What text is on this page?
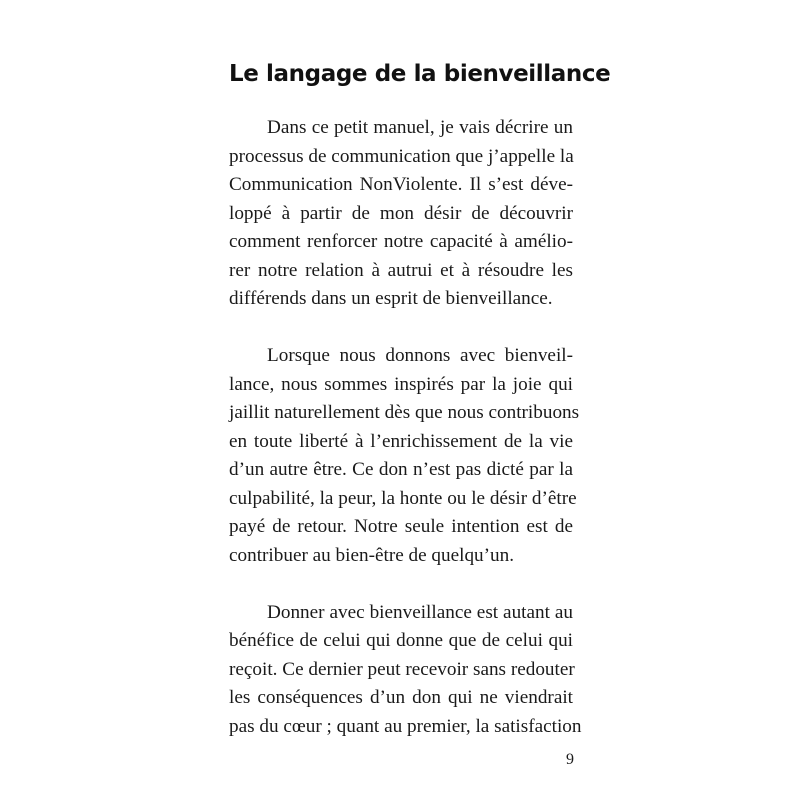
Le langage de la bienveillance
Dans ce petit manuel, je vais décrire un
processus de communication que j’appelle la
Communication NonViolente. Il s’est déve-
loppé à partir de mon désir de découvrir
comment renforcer notre capacité à amélio-
rer notre relation à autrui et à résoudre les
différends dans un esprit de bienveillance.
Lorsque nous donnons avec bienveil-
lance, nous sommes inspirés par la joie qui
jaillit naturellement dès que nous contribuons
en toute liberté à l’enrichissement de la vie
d’un autre être. Ce don n’est pas dicté par la
culpabilité, la peur, la honte ou le désir d’être
payé de retour. Notre seule intention est de
contribuer au bien-être de quelqu’un.
Donner avec bienveillance est autant au
bénéfice de celui qui donne que de celui qui
reçoit. Ce dernier peut recevoir sans redouter
les conséquences d’un don qui ne viendrait
pas du cœur ; quant au premier, la satisfaction
9
